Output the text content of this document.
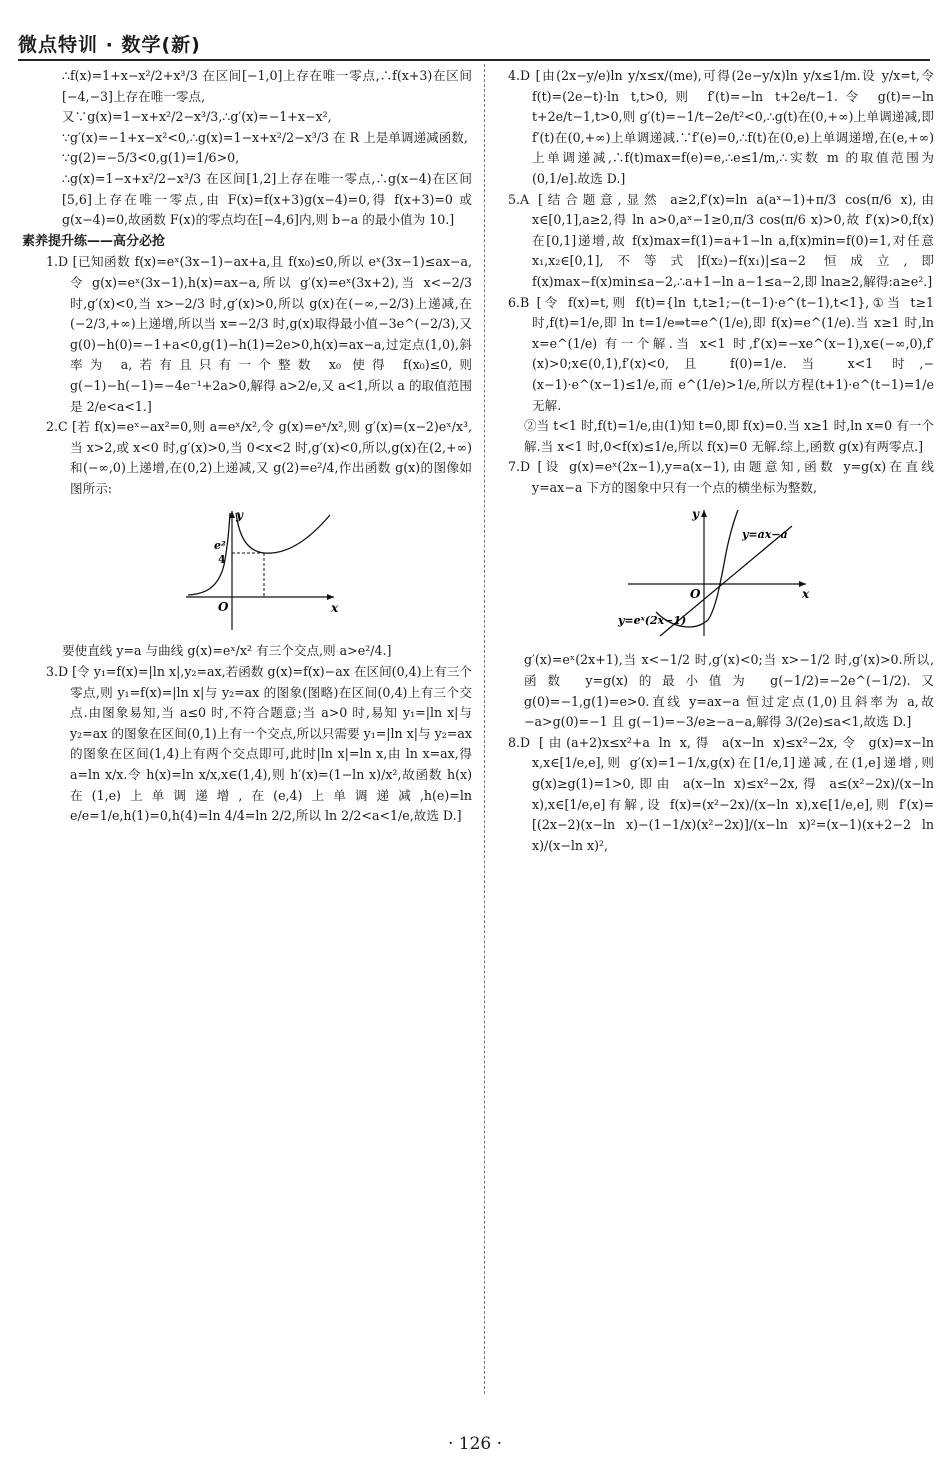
微点特训 · 数学(新)

∴f(x)=1+x−x²/2+x³/3 在区间[−1,0]上存在唯一零点,∴f(x+3)在区间[−4,−3]上存在唯一零点,

又∵g(x)=1−x+x²/2−x³/3,∴g′(x)=−1+x−x²,

∵g′(x)=−1+x−x²<0,∴g(x)=1−x+x²/2−x³/3 在 R 上是单调递减函数,

∵g(2)=−5/3<0,g(1)=1/6>0,

∴g(x)=1−x+x²/2−x³/3 在区间[1,2]上存在唯一零点,∴g(x−4)在区间[5,6]上存在唯一零点,由 F(x)=f(x+3)g(x−4)=0,得 f(x+3)=0 或 g(x−4)=0,故函数 F(x)的零点均在[−4,6]内,则 b−a 的最小值为 10.]

素养提升练——高分必抢

1.D [已知函数 f(x)=eˣ(3x−1)−ax+a,且 f(x₀)≤0,所以 eˣ(3x−1)≤ax−a,令 g(x)=eˣ(3x−1),h(x)=ax−a,所以 g′(x)=eˣ(3x+2),当 x<−2/3 时,g′(x)<0,当 x>−2/3 时,g′(x)>0,所以 g(x)在(−∞,−2/3)上递减,在(−2/3,+∞)上递增,所以当 x=−2/3 时,g(x)取得最小值−3e^(−2/3),又 g(0)−h(0)=−1+a<0,g(1)−h(1)=2e>0,h(x)=ax−a,过定点(1,0),斜率为 a,若有且只有一个整数 x₀ 使得 f(x₀)≤0,则 g(−1)−h(−1)=−4e⁻¹+2a>0,解得 a>2/e,又 a<1,所以 a 的取值范围是 2/e<a<1.]

2.C [若 f(x)=eˣ−ax²=0,则 a=eˣ/x²,令 g(x)=eˣ/x²,则 g′(x)=(x−2)eˣ/x³,当 x>2,或 x<0 时,g′(x)>0,当 0<x<2 时,g′(x)<0,所以,g(x)在(2,+∞)和(−∞,0)上递增,在(0,2)上递减,又 g(2)=e²/4,作出函数 g(x)的图像如图所示:

y
x
O
e²
4

要使直线 y=a 与曲线 g(x)=eˣ/x² 有三个交点,则 a>e²/4.]

3.D [令 y₁=f(x)=|ln x|,y₂=ax,若函数 g(x)=f(x)−ax 在区间(0,4)上有三个零点,则 y₁=f(x)=|ln x|与 y₂=ax 的图象(图略)在区间(0,4)上有三个交点.由图象易知,当 a≤0 时,不符合题意;当 a>0 时,易知 y₁=|ln x|与 y₂=ax 的图象在区间(0,1)上有一个交点,所以只需要 y₁=|ln x|与 y₂=ax 的图象在区间(1,4)上有两个交点即可,此时|ln x|=ln x,由 ln x=ax,得 a=ln x/x.令 h(x)=ln x/x,x∈(1,4),则 h′(x)=(1−ln x)/x²,故函数 h(x)在(1,e)上单调递增,在(e,4)上单调递减,h(e)=ln e/e=1/e,h(1)=0,h(4)=ln 4/4=ln 2/2,所以 ln 2/2<a<1/e,故选 D.]

4.D [由(2x−y/e)ln y/x≤x/(me),可得(2e−y/x)ln y/x≤1/m.设 y/x=t,令 f(t)=(2e−t)·ln t,t>0,则 f′(t)=−ln t+2e/t−1.令 g(t)=−ln t+2e/t−1,t>0,则 g′(t)=−1/t−2e/t²<0,∴g(t)在(0,+∞)上单调递减,即 f′(t)在(0,+∞)上单调递减.∵f′(e)=0,∴f(t)在(0,e)上单调递增,在(e,+∞)上单调递减,∴f(t)max=f(e)=e,∴e≤1/m,∴实数 m 的取值范围为(0,1/e].故选 D.]

5.A [结合题意,显然 a≥2,f′(x)=ln a(aˣ−1)+π/3 cos(π/6 x),由 x∈[0,1],a≥2,得 ln a>0,aˣ−1≥0,π/3 cos(π/6 x)>0,故 f′(x)>0,f(x)在[0,1]递增,故 f(x)max=f(1)=a+1−ln a,f(x)min=f(0)=1,对任意 x₁,x₂∈[0,1],不等式|f(x₂)−f(x₁)|≤a−2 恒成立,即 f(x)max−f(x)min≤a−2,∴a+1−ln a−1≤a−2,即 lna≥2,解得:a≥e².]

6.B [令 f(x)=t,则 f(t)={ln t,t≥1;−(t−1)·e^(t−1),t<1},①当 t≥1 时,f(t)=1/e,即 ln t=1/e⇒t=e^(1/e),即 f(x)=e^(1/e).当 x≥1 时,ln x=e^(1/e) 有一个解.当 x<1 时,f′(x)=−xe^(x−1),x∈(−∞,0),f′(x)>0;x∈(0,1),f′(x)<0,且 f(0)=1/e.当 x<1 时,−(x−1)·e^(x−1)≤1/e,而 e^(1/e)>1/e,所以方程(t+1)·e^(t−1)=1/e 无解.

②当 t<1 时,f(t)=1/e,由(1)知 t=0,即 f(x)=0.当 x≥1 时,ln x=0 有一个解.当 x<1 时,0<f(x)≤1/e,所以 f(x)=0 无解.综上,函数 g(x)有两零点.]

7.D [设 g(x)=eˣ(2x−1),y=a(x−1),由题意知,函数 y=g(x)在直线 y=ax−a 下方的图象中只有一个点的横坐标为整数,

y
x
O
y=ax−a
y=eˣ(2x−1)

g′(x)=eˣ(2x+1),当 x<−1/2 时,g′(x)<0;当 x>−1/2 时,g′(x)>0.所以,函数 y=g(x)的最小值为 g(−1/2)=−2e^(−1/2).又 g(0)=−1,g(1)=e>0.直线 y=ax−a 恒过定点(1,0)且斜率为 a,故−a>g(0)=−1 且 g(−1)=−3/e≥−a−a,解得 3/(2e)≤a<1,故选 D.]

8.D [由(a+2)x≤x²+a ln x,得 a(x−ln x)≤x²−2x,令 g(x)=x−ln x,x∈[1/e,e],则 g′(x)=1−1/x,g(x)在[1/e,1]递减,在(1,e]递增,则 g(x)≥g(1)=1>0,即由 a(x−ln x)≤x²−2x,得 a≤(x²−2x)/(x−ln x),x∈[1/e,e]有解,设 f(x)=(x²−2x)/(x−ln x),x∈[1/e,e],则 f′(x)=[(2x−2)(x−ln x)−(1−1/x)(x²−2x)]/(x−ln x)²=(x−1)(x+2−2 ln x)/(x−ln x)²,

· 126 ·
